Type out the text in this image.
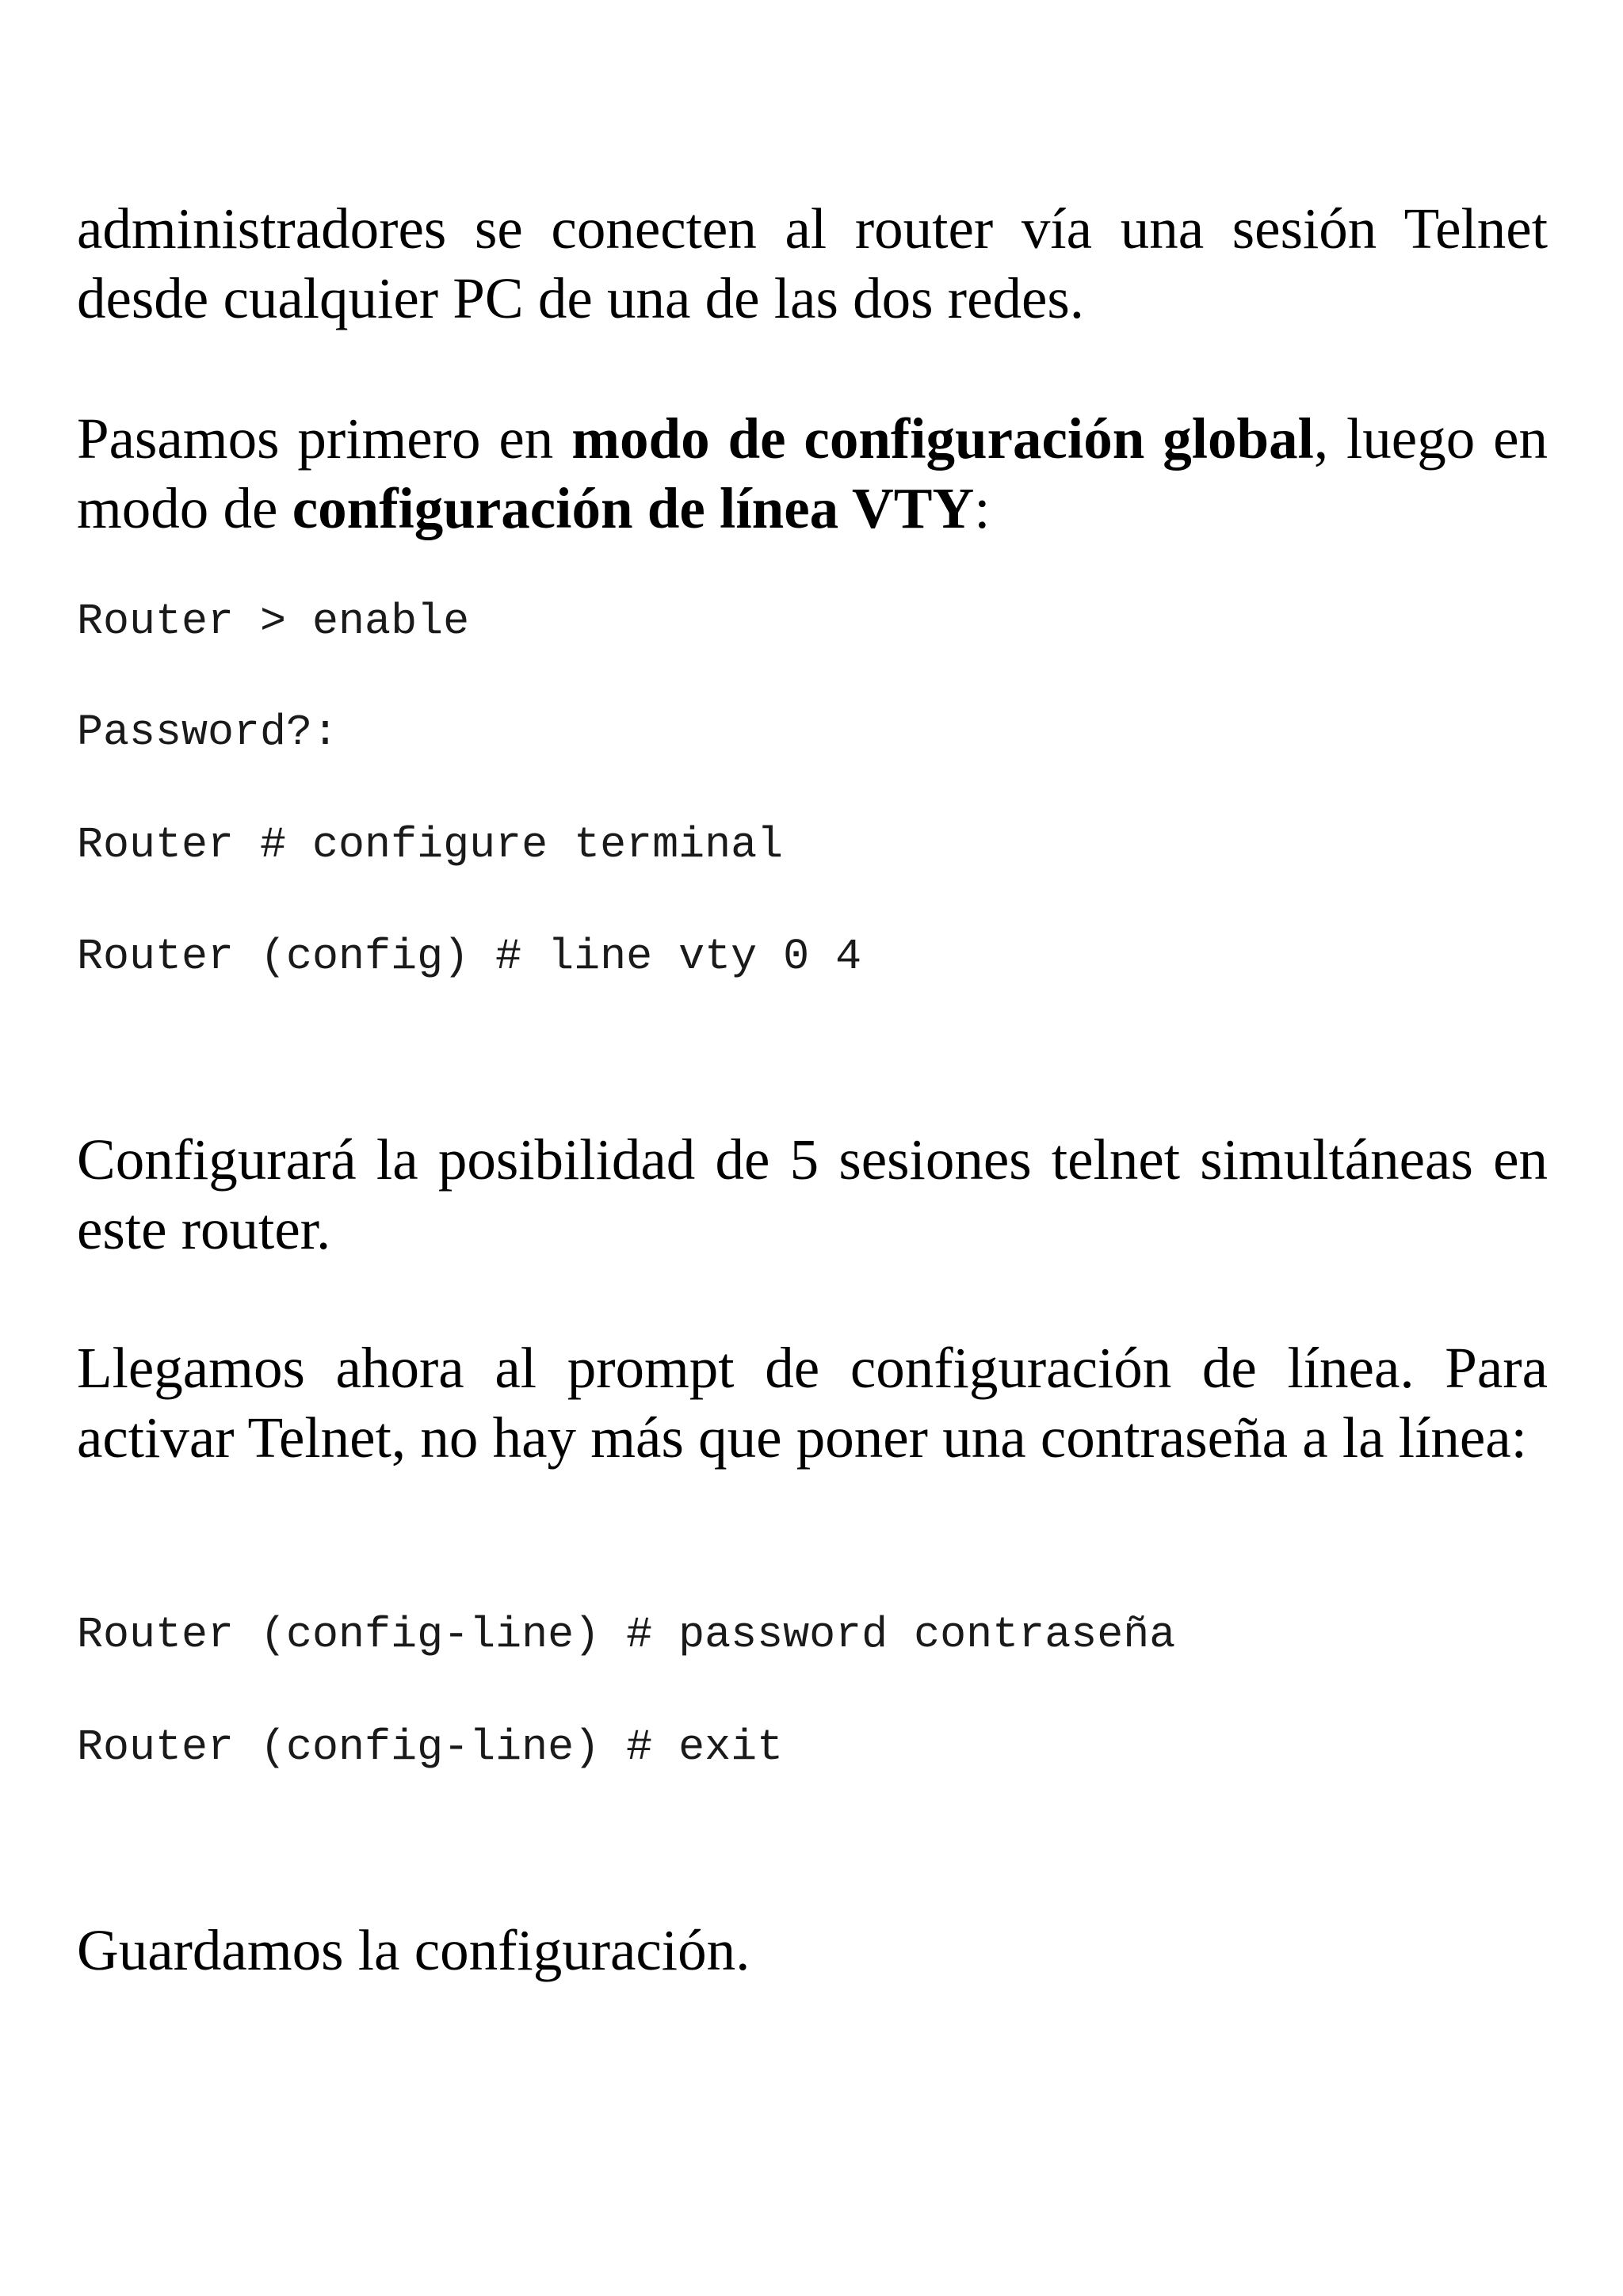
administradores se conecten al router vía una sesión Telnet desde cualquier PC de una de las dos redes.

Pasamos primero en modo de configuración global, luego en modo de configuración de línea VTY:

Router > enable

Password?:

Router # configure terminal

Router (config) # line vty 0 4

Configurará la posibilidad de 5 sesiones telnet simultáneas en este router.

Llegamos ahora al prompt de configuración de línea. Para activar Telnet, no hay más que poner una contraseña a la línea:

Router (config-line) # password contraseña

Router (config-line) # exit

Guardamos la configuración.
